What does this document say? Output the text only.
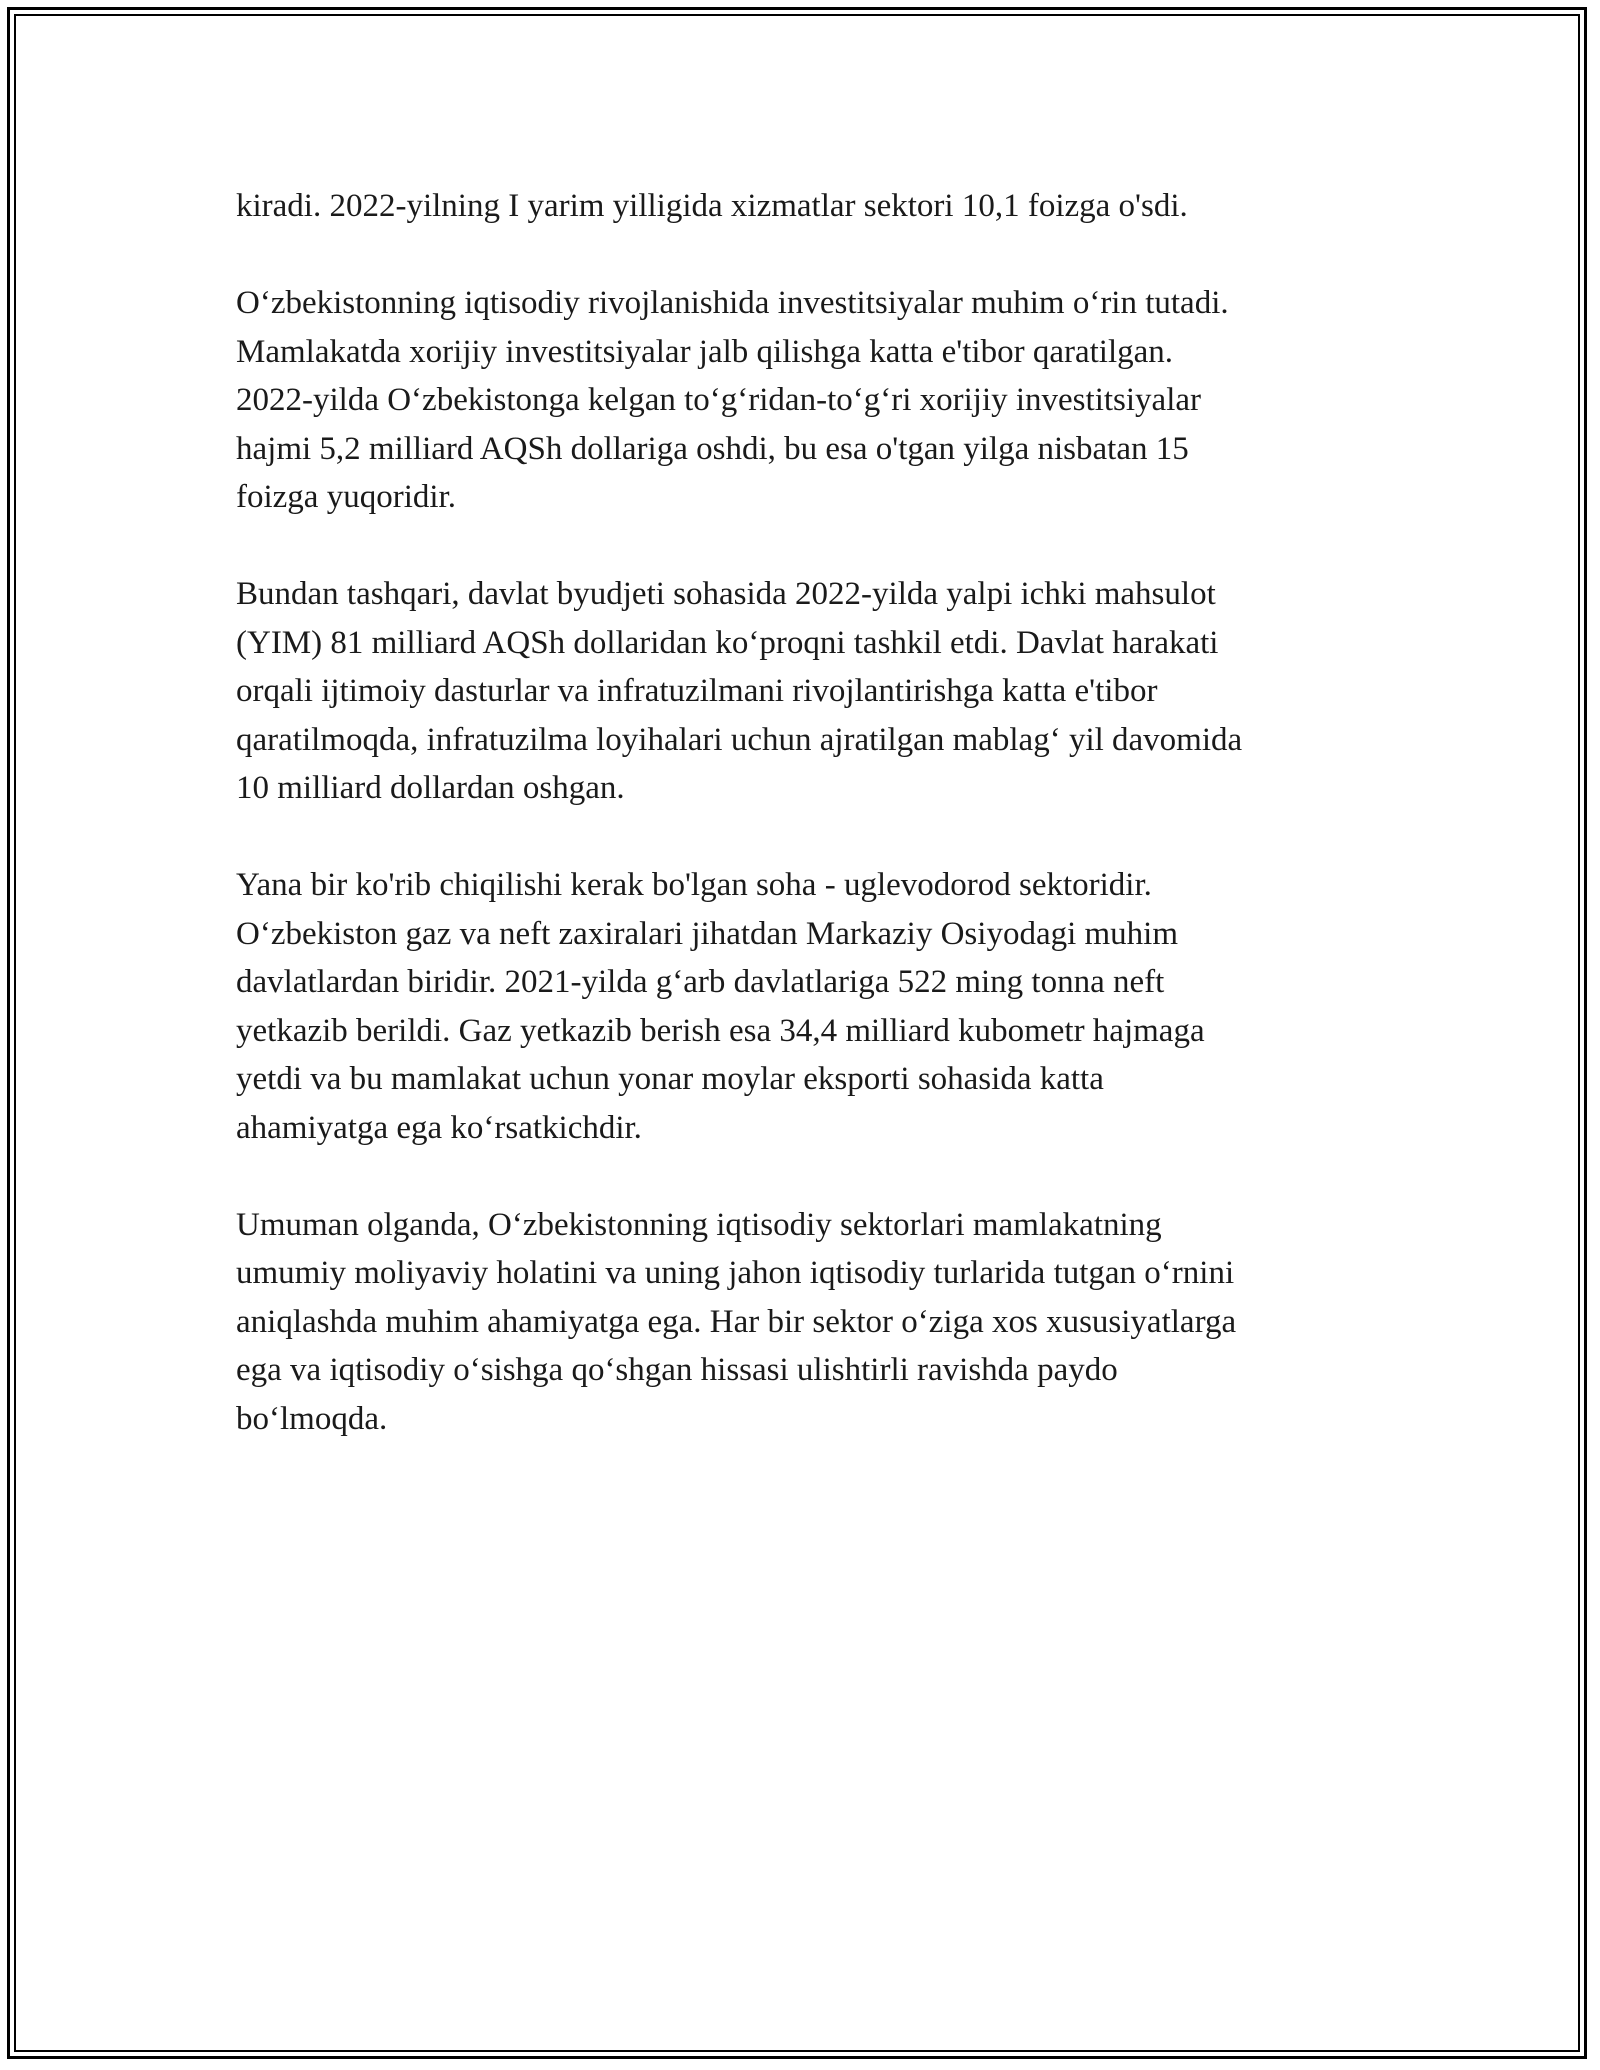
kiradi. 2022-yilning I yarim yilligida xizmatlar sektori 10,1 foizga o'sdi.

O‘zbekistonning iqtisodiy rivojlanishida investitsiyalar muhim o‘rin tutadi.
Mamlakatda xorijiy investitsiyalar jalb qilishga katta e'tibor qaratilgan.
2022-yilda O‘zbekistonga kelgan to‘g‘ridan-to‘g‘ri xorijiy investitsiyalar
hajmi 5,2 milliard AQSh dollariga oshdi, bu esa o'tgan yilga nisbatan 15
foizga yuqoridir.

Bundan tashqari, davlat byudjeti sohasida 2022-yilda yalpi ichki mahsulot
(YIM) 81 milliard AQSh dollaridan ko‘proqni tashkil etdi. Davlat harakati
orqali ijtimoiy dasturlar va infratuzilmani rivojlantirishga katta e'tibor
qaratilmoqda, infratuzilma loyihalari uchun ajratilgan mablag‘ yil davomida
10 milliard dollardan oshgan.

Yana bir ko'rib chiqilishi kerak bo'lgan soha - uglevodorod sektoridir.
O‘zbekiston gaz va neft zaxiralari jihatdan Markaziy Osiyodagi muhim
davlatlardan biridir. 2021-yilda g‘arb davlatlariga 522 ming tonna neft
yetkazib berildi. Gaz yetkazib berish esa 34,4 milliard kubometr hajmaga
yetdi va bu mamlakat uchun yonar moylar eksporti sohasida katta
ahamiyatga ega ko‘rsatkichdir.

Umuman olganda, O‘zbekistonning iqtisodiy sektorlari mamlakatning
umumiy moliyaviy holatini va uning jahon iqtisodiy turlarida tutgan o‘rnini
aniqlashda muhim ahamiyatga ega. Har bir sektor o‘ziga xos xususiyatlarga
ega va iqtisodiy o‘sishga qo‘shgan hissasi ulishtirli ravishda paydo
bo‘lmoqda.
